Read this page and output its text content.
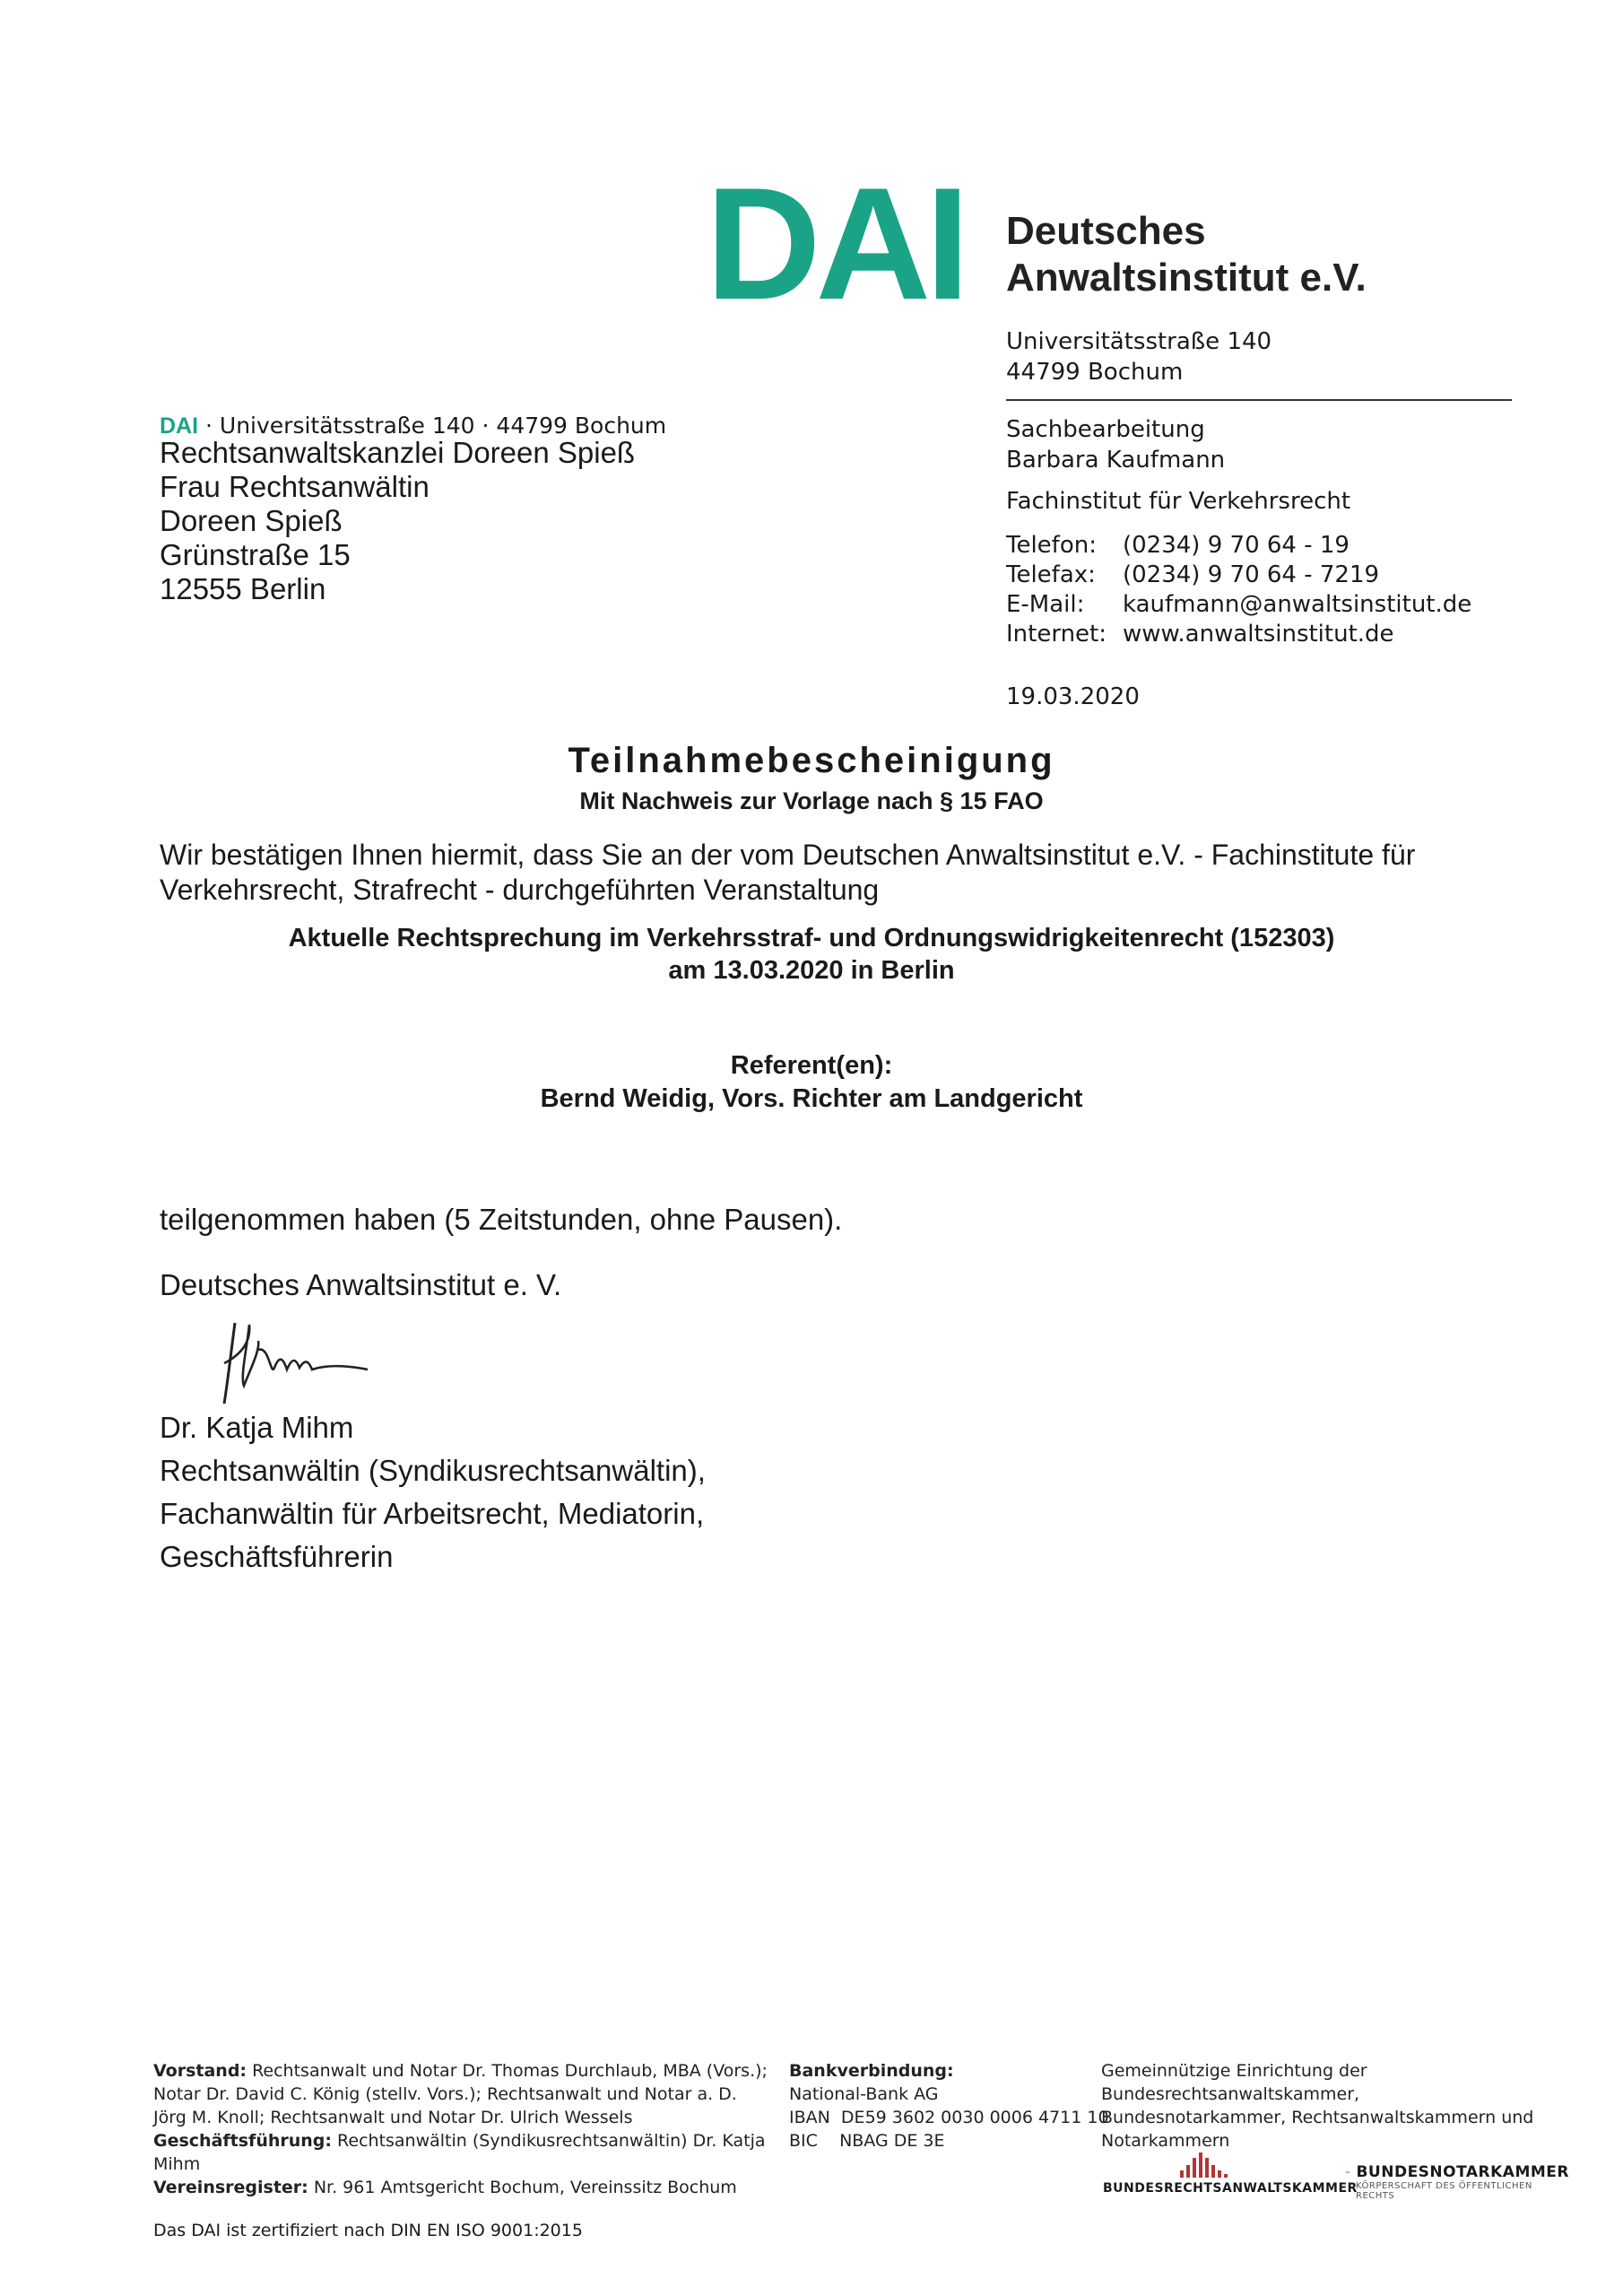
DAI Deutsches
Anwaltsinstitut e.V.
Universitätsstraße 140
44799 Bochum
Sachbearbeitung
Barbara Kaufmann
Fachinstitut für Verkehrsrecht
Telefon:	(0234) 9 70 64 - 19
Telefax:	(0234) 9 70 64 - 7219
E-Mail:	kaufmann@anwaltsinstitut.de
Internet:	www.anwaltsinstitut.de
19.03.2020
DAI · Universitätsstraße 140 · 44799 Bochum
Rechtsanwaltskanzlei Doreen Spieß
Frau Rechtsanwältin
Doreen Spieß
Grünstraße 15
12555 Berlin
Teilnahmebescheinigung
Mit Nachweis zur Vorlage nach § 15 FAO
Wir bestätigen Ihnen hiermit, dass Sie an der vom Deutschen Anwaltsinstitut e.V. - Fachinstitute für Verkehrsrecht, Strafrecht - durchgeführten Veranstaltung
Aktuelle Rechtsprechung im Verkehrsstraf- und Ordnungswidrigkeitenrecht (152303)
am 13.03.2020 in Berlin
Referent(en):
Bernd Weidig, Vors. Richter am Landgericht
teilgenommen haben (5 Zeitstunden, ohne Pausen).
Deutsches Anwaltsinstitut e. V.
Dr. Katja Mihm
Rechtsanwältin (Syndikusrechtsanwältin),
Fachanwältin für Arbeitsrecht, Mediatorin,
Geschäftsführerin
Vorstand: Rechtsanwalt und Notar Dr. Thomas Durchlaub, MBA (Vors.); Notar Dr. David C. König (stellv. Vors.); Rechtsanwalt und Notar a. D. Jörg M. Knoll; Rechtsanwalt und Notar Dr. Ulrich Wessels
Geschäftsführung: Rechtsanwältin (Syndikusrechtsanwältin) Dr. Katja Mihm
Vereinsregister: Nr. 961 Amtsgericht Bochum, Vereinssitz Bochum
Bankverbindung:
National-Bank AG
IBAN  DE59 3602 0030 0006 4711 10
BIC    NBAG DE 3E
Gemeinnützige Einrichtung der Bundesrechtsanwaltskammer, Bundesnotarkammer, Rechtsanwaltskammern und Notarkammern
BUNDESRECHTSANWALTSKAMMER
BUNDESNOTARKAMMER
KÖRPERSCHAFT DES ÖFFENTLICHEN RECHTS
Das DAI ist zertifiziert nach DIN EN ISO 9001:2015
